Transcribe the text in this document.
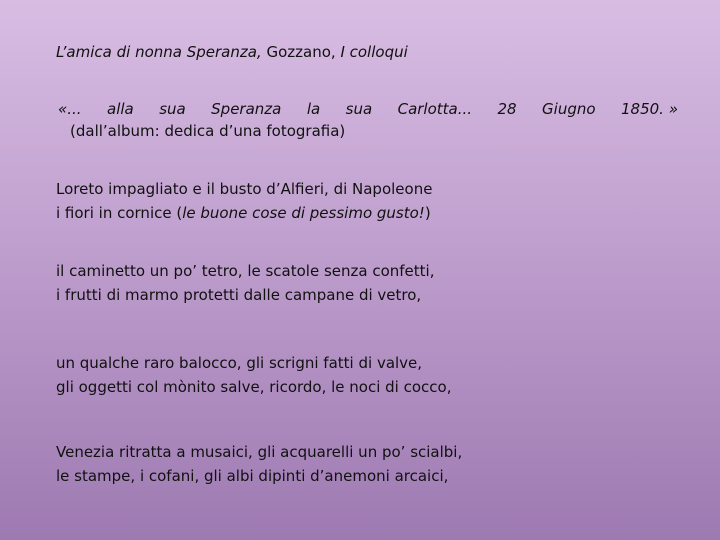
L’amica di nonna Speranza, Gozzano, I colloqui
«... alla sua Speranza la sua Carlotta... 28 Giugno 1850. »
(dall’album: dedica d’una fotografia)
Loreto impagliato e il busto d’Alfieri, di Napoleone
i fiori in cornice (le buone cose di pessimo gusto!)
il caminetto un po’ tetro, le scatole senza confetti,
i frutti di marmo protetti dalle campane di vetro,
un qualche raro balocco, gli scrigni fatti di valve,
gli oggetti col mònito salve, ricordo, le noci di cocco,
Venezia ritratta a musaici, gli acquarelli un po’ scialbi,
le stampe, i cofani, gli albi dipinti d’anemoni arcaici,
